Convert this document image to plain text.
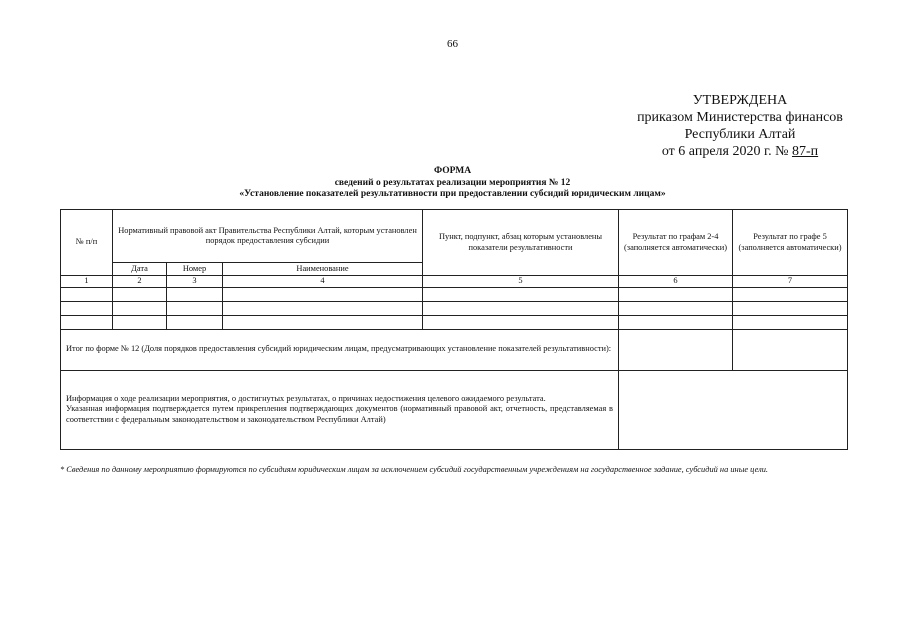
66
УТВЕРЖДЕНА
приказом Министерства финансов
Республики Алтай
от 6 апреля 2020 г. № 87-п
ФОРМА
сведений о результатах реализации мероприятия № 12
«Установление показателей результативности при предоставлении субсидий юридическим лицам»
№ п/п	Нормативный правовой акт Правительства Республики Алтай, которым установлен порядок предоставления субсидии			Пункт, подпункт, абзац которым установлены показатели результативности	Результат по графам 2-4 (заполняется автоматически)	Результат по графе 5 (заполняется автоматически)
	Дата	Номер	Наименование			
1	2	3	4	5	6	7

Итог по форме № 12 (Доля порядков предоставления субсидий юридическим лицам, предусматривающих установление показателей результативности):						

Информация о ходе реализации мероприятия, о достигнутых результатах, о причинах недостижения целевого ожидаемого результата.
Указанная информация подтверждается путем прикрепления подтверждающих документов (нормативный правовой акт, отчетность, представляемая в соответствии с федеральным законодательством и законодательством Республики Алтай)						

* Сведения по данному мероприятию формируются по субсидиям юридическим лицам за исключением субсидий государственным учреждениям на государственное задание, субсидий на иные цели.
